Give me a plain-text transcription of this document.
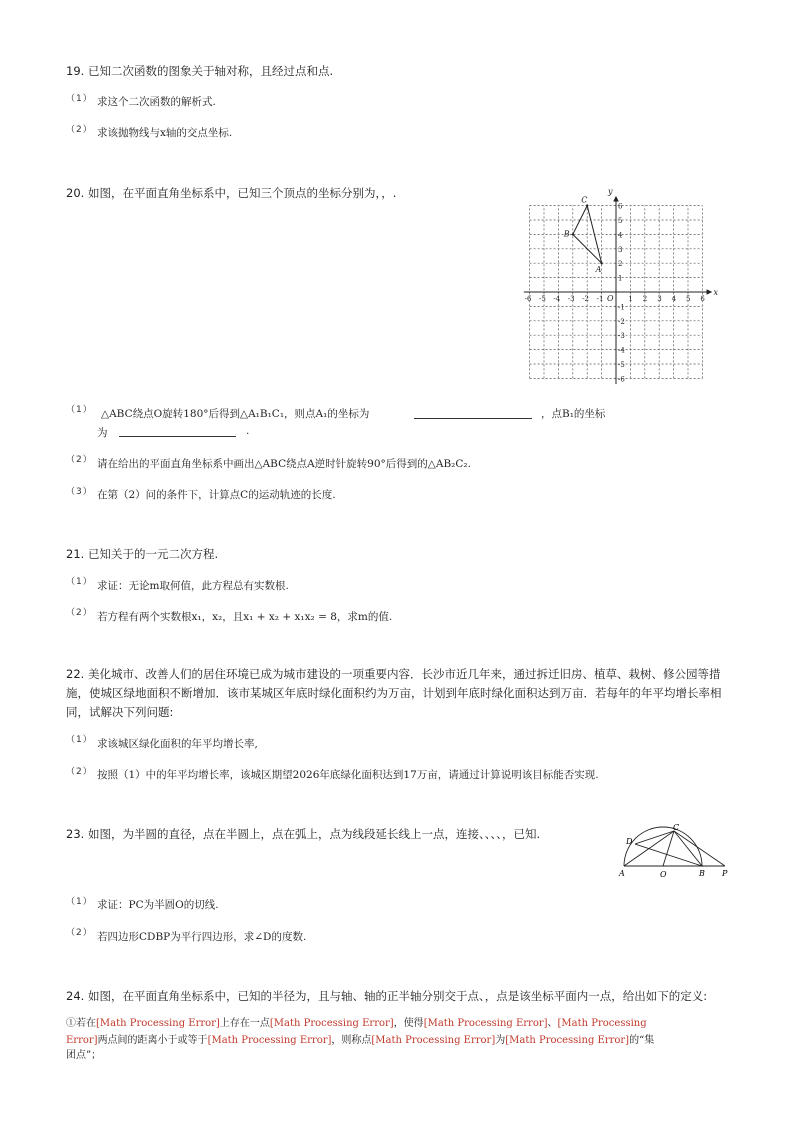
19. 已知二次函数的图象关于轴对称，且经过点和点.
（1） 求这个二次函数的解析式.
（2） 求该抛物线与x轴的交点坐标.
20. 如图，在平面直角坐标系中，已知三个顶点的坐标分别为，，.
-6 -5 -4 -3 -2 -1	1 2 3 4 5 6
6
5
4
3
2
1
-1
-2
-3
-4
-5
-6
x
y
O
A
B
C
（1） △ABC绕点O旋转180°后得到△A₁B₁C₁，则点A₁的坐标为	，点B₁的坐标
为	.
（2） 请在给出的平面直角坐标系中画出△ABC绕点A逆时针旋转90°后得到的△AB₂C₂.
（3） 在第（2）问的条件下，计算点C的运动轨迹的长度.
21. 已知关于的一元二次方程.
（1） 求证：无论m取何值，此方程总有实数根.
（2） 若方程有两个实数根x₁，x₂，且x₁ + x₂ + x₁x₂ = 8，求m的值.
22. 美化城市、改善人们的居住环境已成为城市建设的一项重要内容．长沙市近几年来，通过拆迁旧房、植草、栽树、修公园等措
施，使城区绿地面积不断增加．该市某城区年底时绿化面积约为万亩，计划到年底时绿化面积达到万亩．若每年的年平均增长率相
同，试解决下列问题:
（1） 求该城区绿化面积的年平均增长率,
（2） 按照（1）中的年平均增长率，该城区期望2026年底绿化面积达到17万亩，请通过计算说明该目标能否实现.
23. 如图，为半圆的直径，点在半圆上，点在弧上，点为线段延长线上一点，连接、、、、，已知.
A	O	B P
C
D
（1） 求证：PC为半圆O的切线.
（2） 若四边形CDBP为平行四边形，求∠D的度数.
24. 如图，在平面直角坐标系中，已知的半径为，且与轴、轴的正半轴分别交于点、，点是该坐标平面内一点，给出如下的定义:
①若在[Math Processing Error]上存在一点[Math Processing Error]，使得[Math Processing Error]、[Math Processing
Error]两点间的距离小于或等于[Math Processing Error]，则称点[Math Processing Error]为[Math Processing Error]的“集
团点”；
